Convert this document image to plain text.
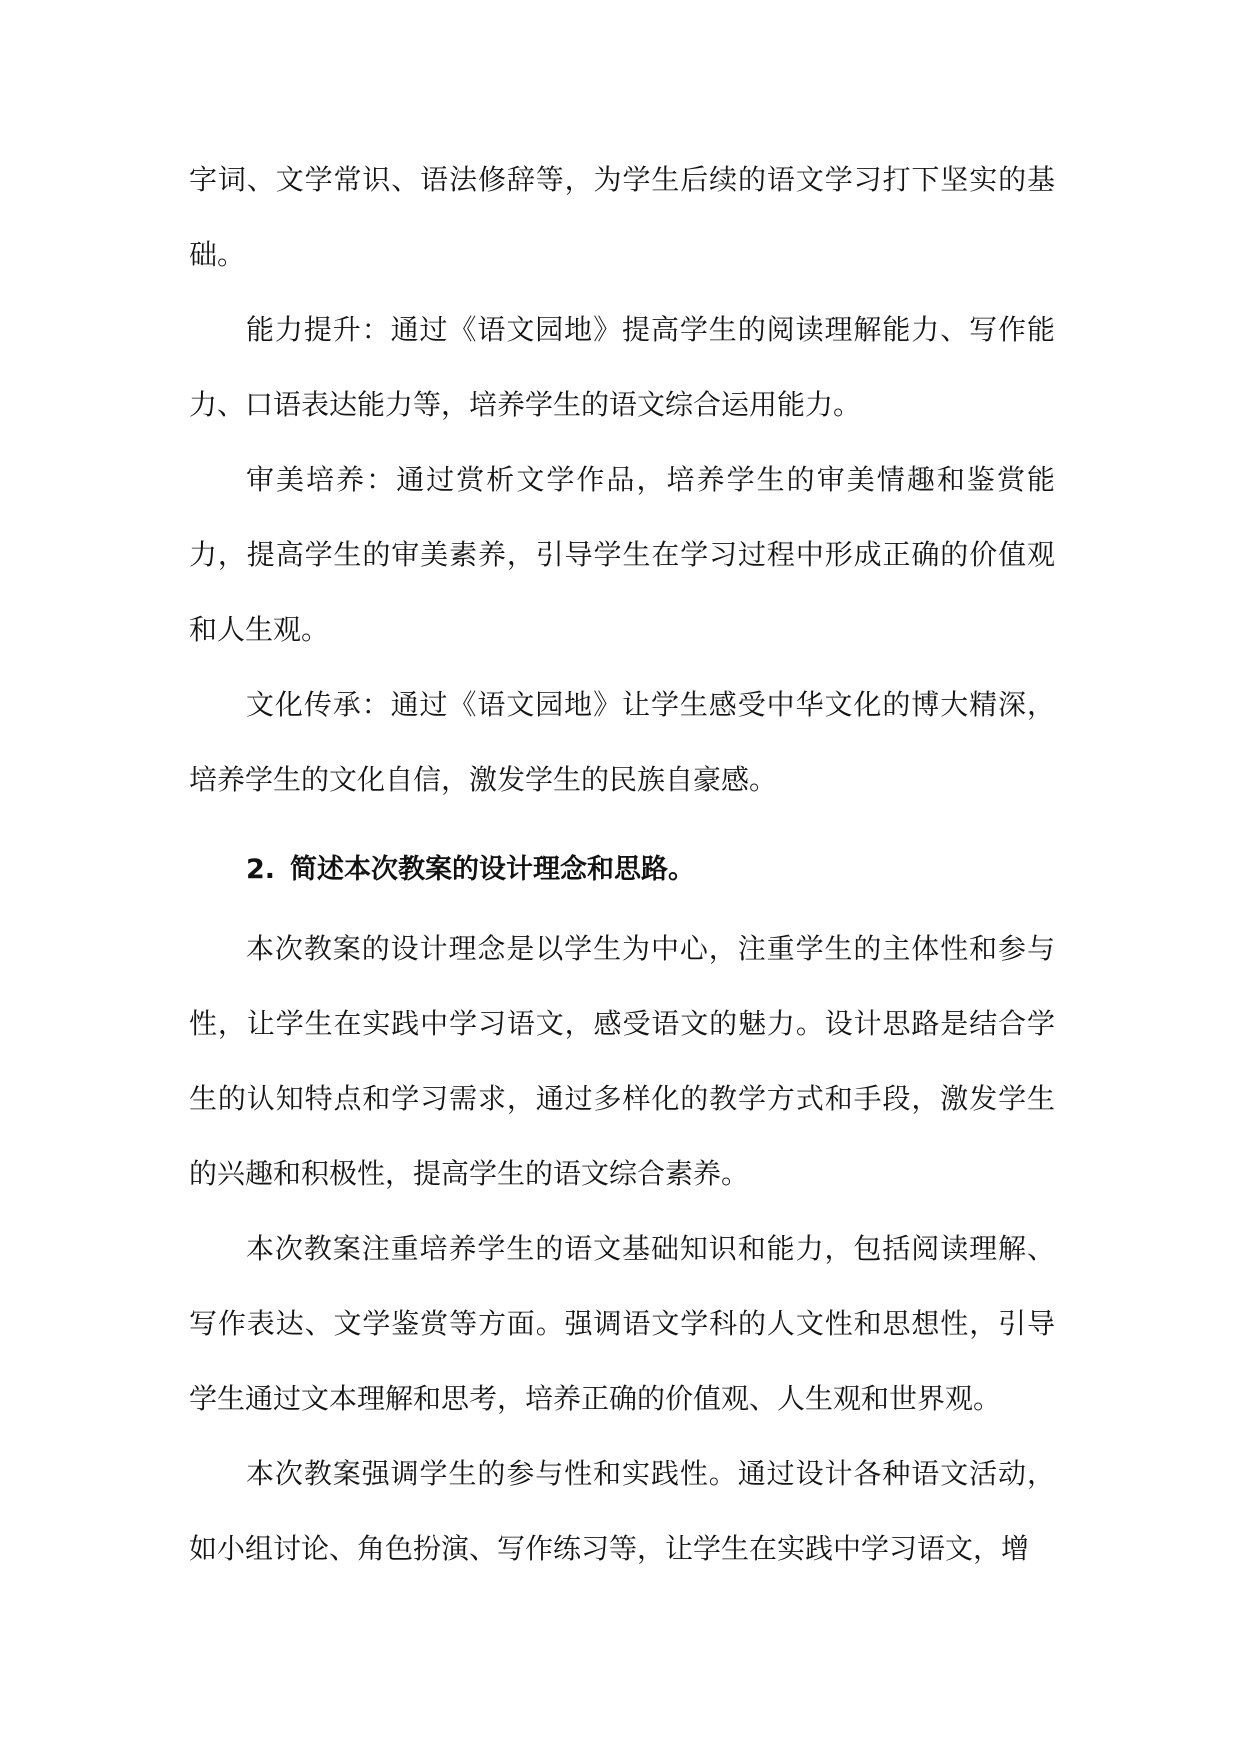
字词、文学常识、语法修辞等，为学生后续的语文学习打下坚实的基础。

能力提升：通过《语文园地》提高学生的阅读理解能力、写作能力、口语表达能力等，培养学生的语文综合运用能力。

审美培养：通过赏析文学作品，培养学生的审美情趣和鉴赏能力，提高学生的审美素养，引导学生在学习过程中形成正确的价值观和人生观。

文化传承：通过《语文园地》让学生感受中华文化的博大精深，培养学生的文化自信，激发学生的民族自豪感。

2. 简述本次教案的设计理念和思路。

本次教案的设计理念是以学生为中心，注重学生的主体性和参与性，让学生在实践中学习语文，感受语文的魅力。设计思路是结合学生的认知特点和学习需求，通过多样化的教学方式和手段，激发学生的兴趣和积极性，提高学生的语文综合素养。

本次教案注重培养学生的语文基础知识和能力，包括阅读理解、写作表达、文学鉴赏等方面。强调语文学科的人文性和思想性，引导学生通过文本理解和思考，培养正确的价值观、人生观和世界观。

本次教案强调学生的参与性和实践性。通过设计各种语文活动，如小组讨论、角色扮演、写作练习等，让学生在实践中学习语文，增
